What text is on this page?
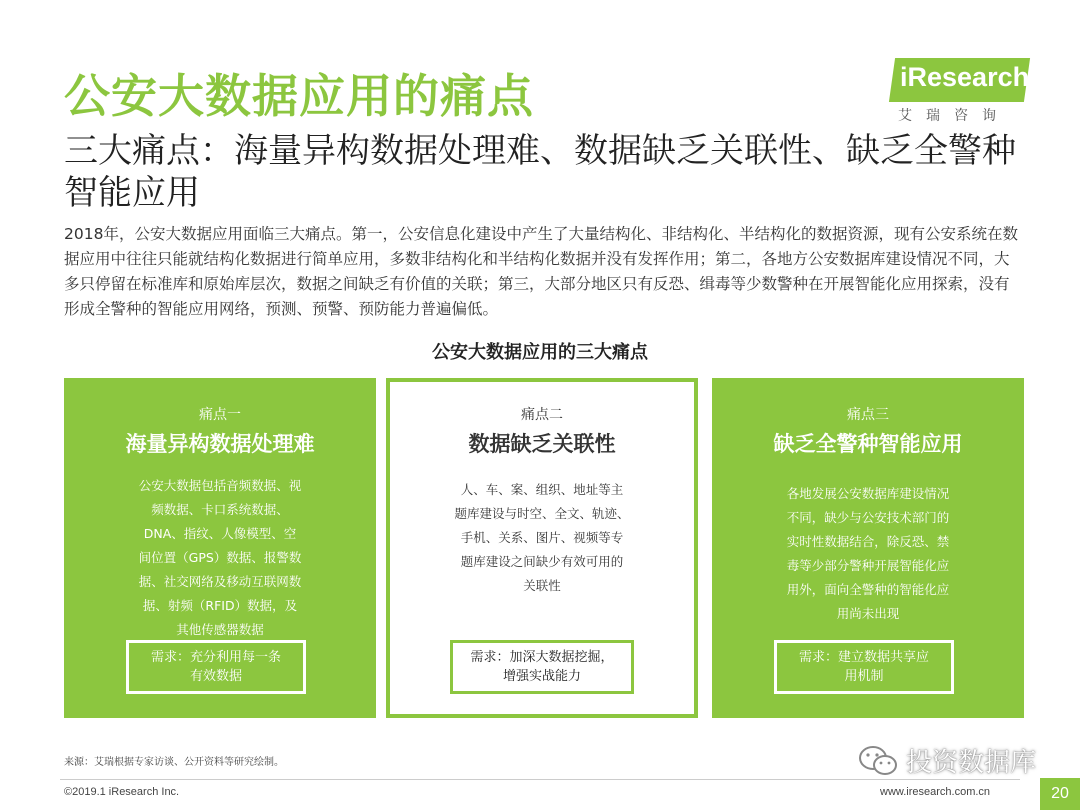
公安大数据应用的痛点	iResearch
艾瑞咨询
三大痛点：海量异构数据处理难、数据缺乏关联性、缺乏全警种智能应用
2018年，公安大数据应用面临三大痛点。第一，公安信息化建设中产生了大量结构化、非结构化、半结构化的数据资源，现有公安系统在数据应用中往往只能就结构化数据进行简单应用，多数非结构化和半结构化数据并没有发挥作用；第二，各地方公安数据库建设情况不同，大多只停留在标准库和原始库层次，数据之间缺乏有价值的关联；第三，大部分地区只有反恐、缉毒等少数警种在开展智能化应用探索，没有形成全警种的智能应用网络，预测、预警、预防能力普遍偏低。
公安大数据应用的三大痛点
痛点一
海量异构数据处理难
公安大数据包括音频数据、视
频数据、卡口系统数据、
DNA、指纹、人像模型、空
间位置（GPS）数据、报警数
据、社交网络及移动互联网数
据、射频（RFID）数据，及
其他传感器数据
需求：充分利用每一条有效数据
痛点二
数据缺乏关联性
人、车、案、组织、地址等主
题库建设与时空、全文、轨迹、
手机、关系、图片、视频等专
题库建设之间缺少有效可用的
关联性
需求：加深大数据挖掘，增强实战能力
痛点三
缺乏全警种智能应用
各地发展公安数据库建设情况
不同，缺少与公安技术部门的
实时性数据结合，除反恐、禁
毒等少部分警种开展智能化应
用外，面向全警种的智能化应
用尚未出现
需求：建立数据共享应用机制
来源：艾瑞根据专家访谈、公开资料等研究绘制。	投资数据库
©2019.1 iResearch Inc.	www.iresearch.com.cn	20
